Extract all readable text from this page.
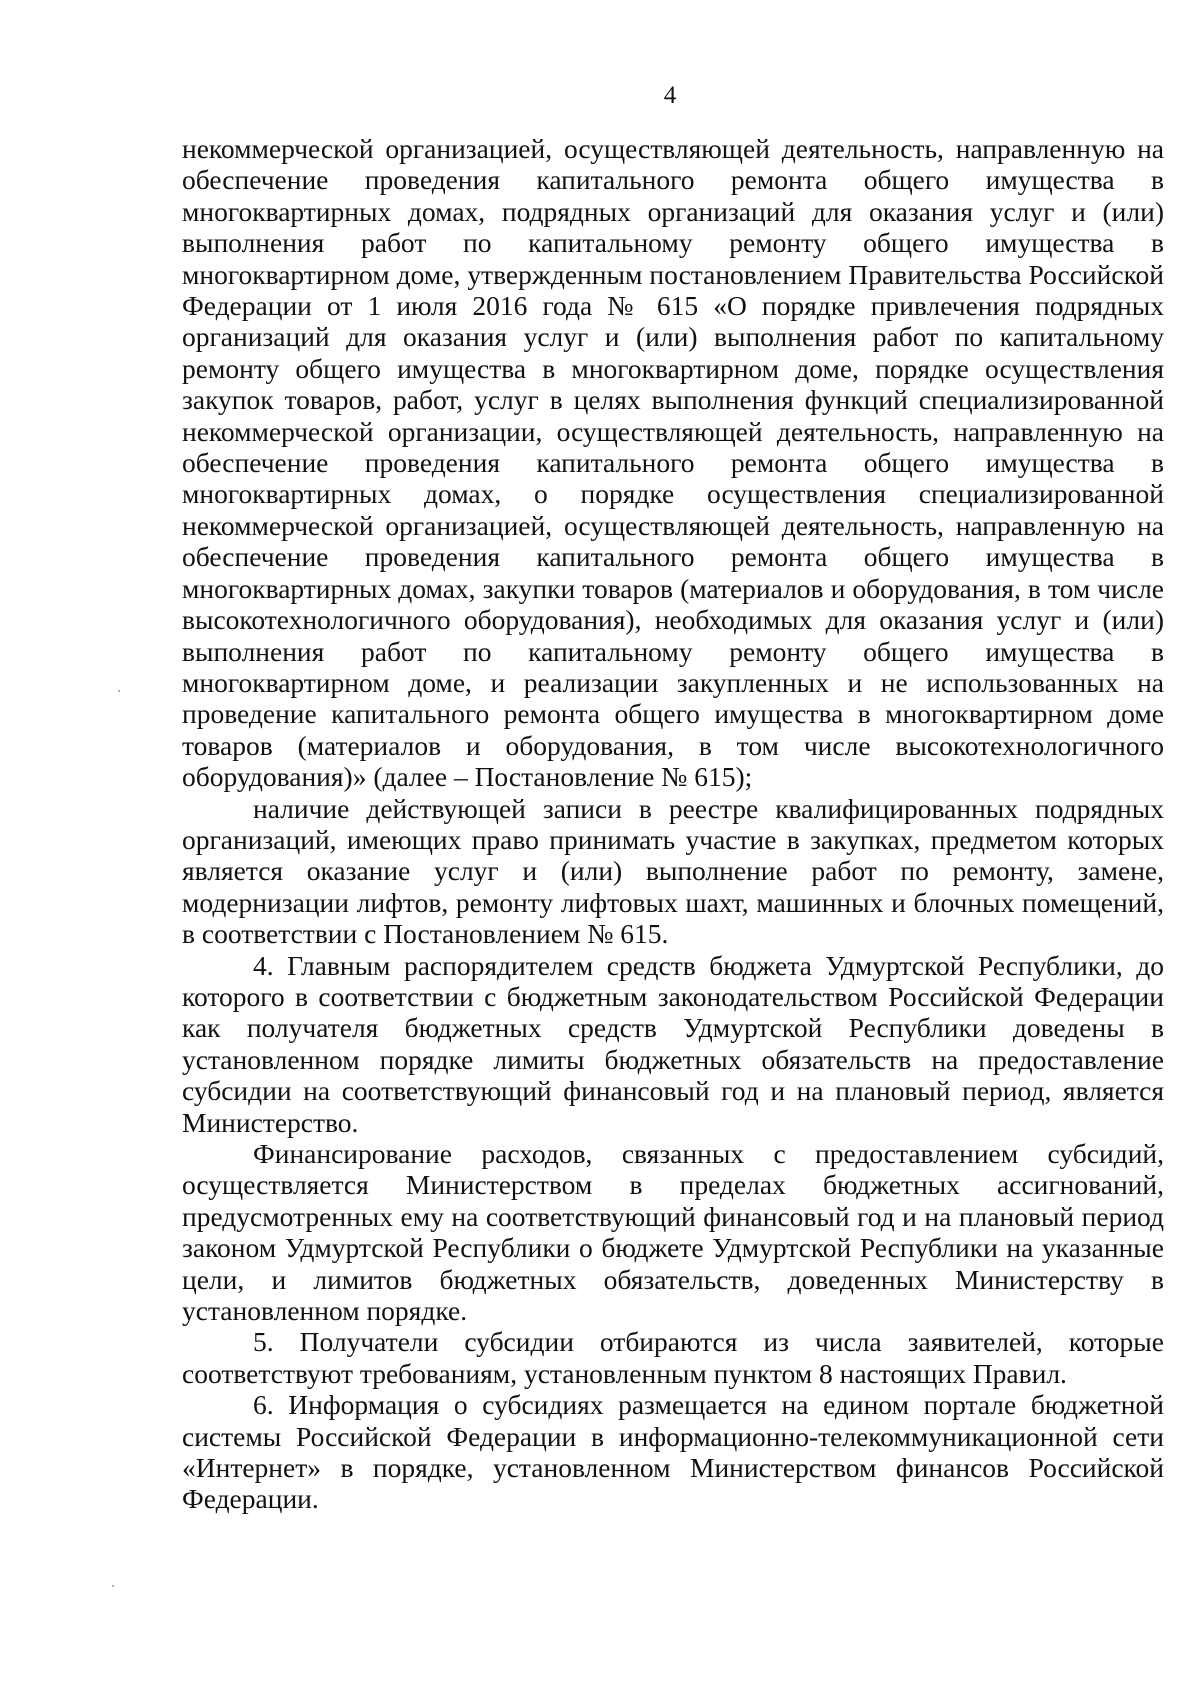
4

некоммерческой организацией, осуществляющей деятельность, направленную на обеспечение проведения капитального ремонта общего имущества в многоквартирных домах, подрядных организаций для оказания услуг и (или) выполнения работ по капитальному ремонту общего имущества в многоквартирном доме, утвержденным постановлением Правительства Российской Федерации от 1 июля 2016 года № 615 «О порядке привлечения подрядных организаций для оказания услуг и (или) выполнения работ по капитальному ремонту общего имущества в многоквартирном доме, порядке осуществления закупок товаров, работ, услуг в целях выполнения функций специализированной некоммерческой организации, осуществляющей деятельность, направленную на обеспечение проведения капитального ремонта общего имущества в многоквартирных домах, о порядке осуществления специализированной некоммерческой организацией, осуществляющей деятельность, направленную на обеспечение проведения капитального ремонта общего имущества в многоквартирных домах, закупки товаров (материалов и оборудования, в том числе высокотехнологичного оборудования), необходимых для оказания услуг и (или) выполнения работ по капитальному ремонту общего имущества в многоквартирном доме, и реализации закупленных и не использованных на проведение капитального ремонта общего имущества в многоквартирном доме товаров (материалов и оборудования, в том числе высокотехнологичного оборудования)» (далее – Постановление № 615);

наличие действующей записи в реестре квалифицированных подрядных организаций, имеющих право принимать участие в закупках, предметом которых является оказание услуг и (или) выполнение работ по ремонту, замене, модернизации лифтов, ремонту лифтовых шахт, машинных и блочных помещений, в соответствии с Постановлением № 615.

4. Главным распорядителем средств бюджета Удмуртской Республики, до которого в соответствии с бюджетным законодательством Российской Федерации как получателя бюджетных средств Удмуртской Республики доведены в установленном порядке лимиты бюджетных обязательств на предоставление субсидии на соответствующий финансовый год и на плановый период, является Министерство.

Финансирование расходов, связанных с предоставлением субсидий, осуществляется Министерством в пределах бюджетных ассигнований, предусмотренных ему на соответствующий финансовый год и на плановый период законом Удмуртской Республики о бюджете Удмуртской Республики на указанные цели, и лимитов бюджетных обязательств, доведенных Министерству в установленном порядке.

5. Получатели субсидии отбираются из числа заявителей, которые соответствуют требованиям, установленным пунктом 8 настоящих Правил.

6. Информация о субсидиях размещается на едином портале бюджетной системы Российской Федерации в информационно-телекоммуникационной сети «Интернет» в порядке, установленном Министерством финансов Российской Федерации.
